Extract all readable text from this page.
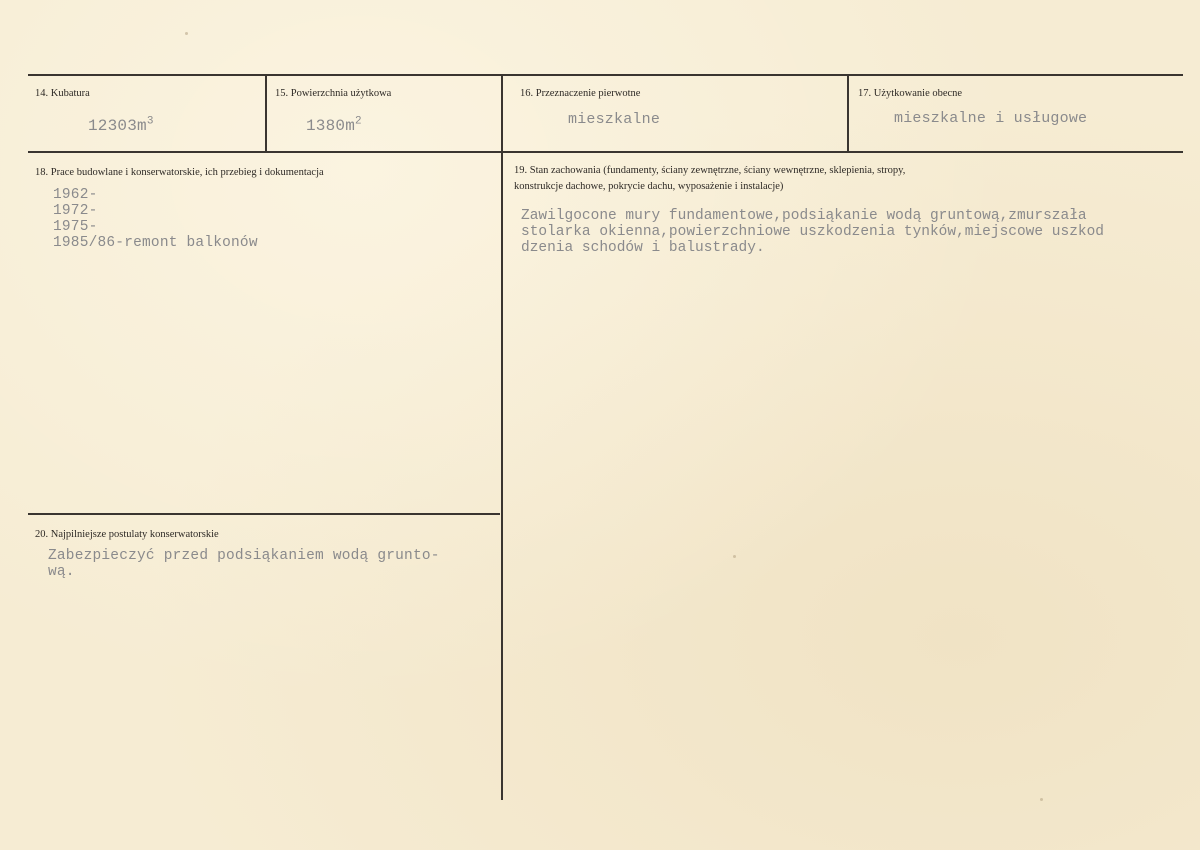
14. Kubatura
$12303m^3$
15. Powierzchnia użytkowa
$1380m^2$
16. Przeznaczenie pierwotne
mieszkalne
17. Użytkowanie obecne
mieszkalne i usługowe
18. Prace budowlane i konserwatorskie, ich przebieg i dokumentacja
1962-
1972-
1975-
1985/86-remont balkonów
19. Stan zachowania (fundamenty, ściany zewnętrzne, ściany wewnętrzne, sklepienia, stropy,
konstrukcje dachowe, pokrycie dachu, wyposażenie i instalacje)
Zawilgocone mury fundamentowe,podsiąkanie wodą gruntową,zmurszała
stolarka okienna,powierzchniowe uszkodzenia tynków,miejscowe uszkod
dzenia schodów i balustrady.
20. Najpilniejsze postulaty konserwatorskie
Zabezpieczyć przed podsiąkaniem wodą grunto-
wą.
